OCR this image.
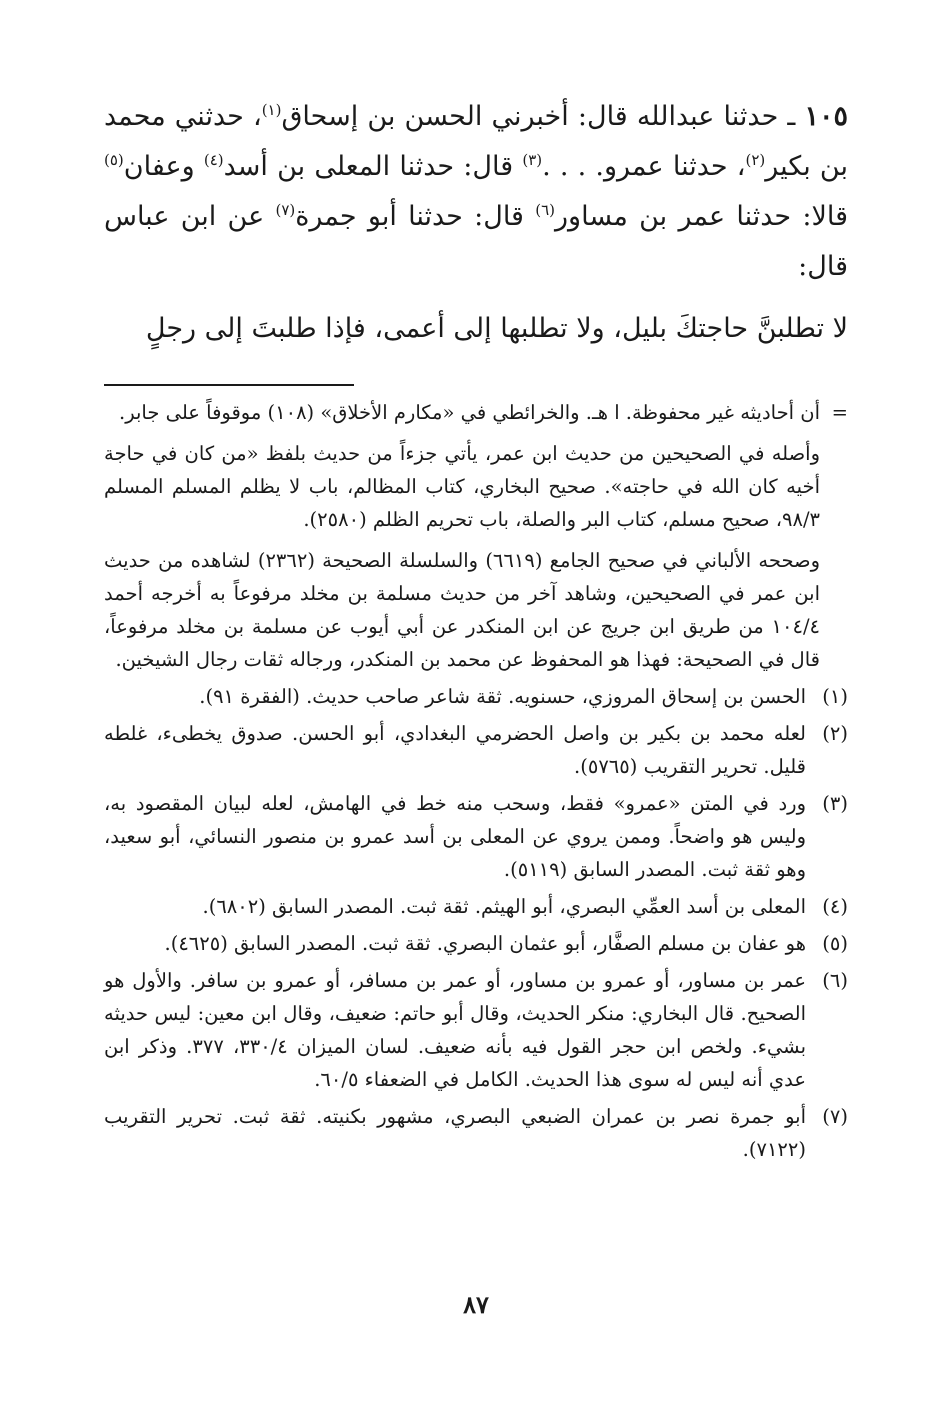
١٠٥ ـ حدثنا عبدالله قال: أخبرني الحسن بن إسحاق$^{(١)}$، حدثني محمد بن بكير$^{(٢)}$، حدثنا عمرو. . . .$^{(٣)}$ قال: حدثنا المعلى بن أسد$^{(٤)}$ وعفان$^{(٥)}$ قالا: حدثنا عمر بن مساور$^{(٦)}$ قال: حدثنا أبو جمرة$^{(٧)}$ عن ابن عباس قال:
لا تطلبنَّ حاجتكَ بليل، ولا تطلبها إلى أعمى، فإذا طلبتَ إلى رجلٍ
=
أن أحاديثه غير محفوظة. ا هـ. والخرائطي في «مكارم الأخلاق» (١٠٨) موقوفاً على جابر.
وأصله في الصحيحين من حديث ابن عمر، يأتي جزءاً من حديث بلفظ «من كان في حاجة أخيه كان الله في حاجته». صحيح البخاري، كتاب المظالم، باب لا يظلم المسلم المسلم ٩٨/٣، صحيح مسلم، كتاب البر والصلة، باب تحريم الظلم (٢٥٨٠).
وصححه الألباني في صحيح الجامع (٦٦١٩) والسلسلة الصحيحة (٢٣٦٢) لشاهده من حديث ابن عمر في الصحيحين، وشاهد آخر من حديث مسلمة بن مخلد مرفوعاً به أخرجه أحمد ١٠٤/٤ من طريق ابن جريج عن ابن المنكدر عن أبي أيوب عن مسلمة بن مخلد مرفوعاً، قال في الصحيحة: فهذا هو المحفوظ عن محمد بن المنكدر، ورجاله ثقات رجال الشيخين.
(١)
الحسن بن إسحاق المروزي، حسنويه. ثقة شاعر صاحب حديث. (الفقرة ٩١).
(٢)
لعله محمد بن بكير بن واصل الحضرمي البغدادي، أبو الحسن. صدوق يخطىء، غلطه قليل. تحرير التقريب (٥٧٦٥).
(٣)
ورد في المتن «عمرو» فقط، وسحب منه خط في الهامش، لعله لبيان المقصود به، وليس هو واضحاً. وممن يروي عن المعلى بن أسد عمرو بن منصور النسائي، أبو سعيد، وهو ثقة ثبت. المصدر السابق (٥١١٩).
(٤)
المعلى بن أسد العمِّي البصري، أبو الهيثم. ثقة ثبت. المصدر السابق (٦٨٠٢).
(٥)
هو عفان بن مسلم الصفَّار، أبو عثمان البصري. ثقة ثبت. المصدر السابق (٤٦٢٥).
(٦)
عمر بن مساور، أو عمرو بن مساور، أو عمر بن مسافر، أو عمرو بن سافر. والأول هو الصحيح. قال البخاري: منكر الحديث، وقال أبو حاتم: ضعيف، وقال ابن معين: ليس حديثه بشيء. ولخص ابن حجر القول فيه بأنه ضعيف. لسان الميزان ٣٣٠/٤، ٣٧٧. وذكر ابن عدي أنه ليس له سوى هذا الحديث. الكامل في الضعفاء ٦٠/٥.
(٧)
أبو جمرة نصر بن عمران الضبعي البصري، مشهور بكنيته. ثقة ثبت. تحرير التقريب (٧١٢٢).
٨٧
